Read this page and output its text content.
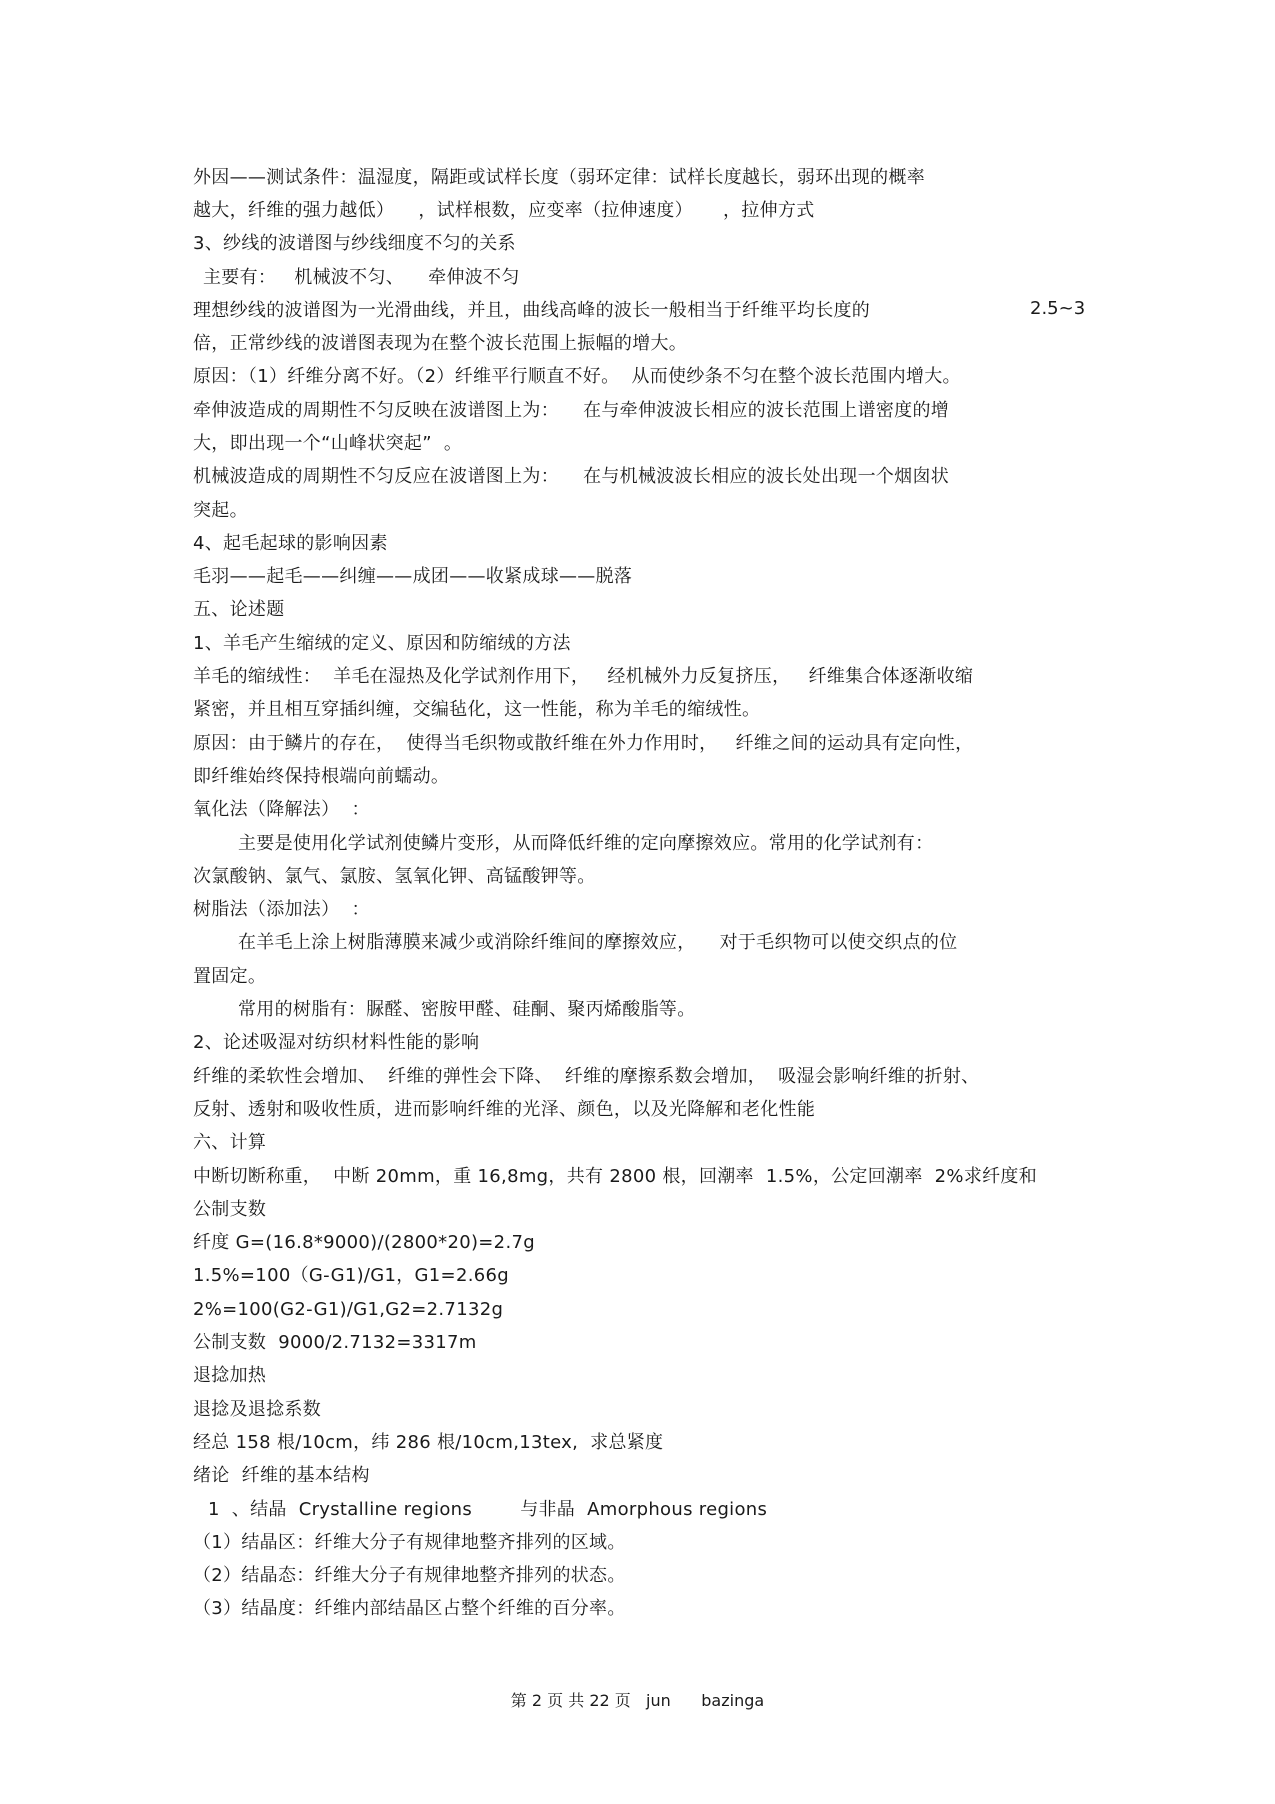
外因——测试条件：温湿度，隔距或试样长度（弱环定律：试样长度越长，弱环出现的概率
越大，纤维的强力越低）    ，试样根数，应变率（拉伸速度）     ，拉伸方式
3、纱线的波谱图与纱线细度不匀的关系
主要有：   机械波不匀、    牵伸波不匀
理想纱线的波谱图为一光滑曲线，并且，曲线高峰的波长一般相当于纤维平均长度的	2.5~3
倍，正常纱线的波谱图表现为在整个波长范围上振幅的增大。
原因：（1）纤维分离不好。（2）纤维平行顺直不好。  从而使纱条不匀在整个波长范围内增大。
牵伸波造成的周期性不匀反映在波谱图上为：    在与牵伸波波长相应的波长范围上谱密度的增
大，即出现一个“山峰状突起”  。
机械波造成的周期性不匀反应在波谱图上为：    在与机械波波长相应的波长处出现一个烟囱状
突起。
4、起毛起球的影响因素
毛羽——起毛——纠缠——成团——收紧成球——脱落
五、论述题
1、羊毛产生缩绒的定义、原因和防缩绒的方法
羊毛的缩绒性：  羊毛在湿热及化学试剂作用下，   经机械外力反复挤压，   纤维集合体逐渐收缩
紧密，并且相互穿插纠缠，交编毡化，这一性能，称为羊毛的缩绒性。
原因：由于鳞片的存在，  使得当毛织物或散纤维在外力作用时，   纤维之间的运动具有定向性，
即纤维始终保持根端向前蠕动。
氧化法（降解法）  ：
主要是使用化学试剂使鳞片变形，从而降低纤维的定向摩擦效应。常用的化学试剂有：
次氯酸钠、氯气、氯胺、氢氧化钾、高锰酸钾等。
树脂法（添加法）  ：
在羊毛上涂上树脂薄膜来减少或消除纤维间的摩擦效应，    对于毛织物可以使交织点的位
置固定。
常用的树脂有：脲醛、密胺甲醛、硅酮、聚丙烯酸脂等。
2、论述吸湿对纺织材料性能的影响
纤维的柔软性会增加、  纤维的弹性会下降、  纤维的摩擦系数会增加，  吸湿会影响纤维的折射、
反射、透射和吸收性质，进而影响纤维的光泽、颜色，以及光降解和老化性能
六、计算
中断切断称重，  中断 20mm，重 16,8mg，共有 2800 根，回潮率  1.5%，公定回潮率  2%求纤度和
公制支数
纤度 G=(16.8*9000)/(2800*20)=2.7g
1.5%=100（G-G1)/G1，G1=2.66g
2%=100(G2-G1)/G1,G2=2.7132g
公制支数  9000/2.7132=3317m
退捻加热
退捻及退捻系数
经总 158 根/10cm，纬 286 根/10cm,13tex,  求总紧度
绪论  纤维的基本结构
1  、结晶  Crystalline regions        与非晶  Amorphous regions
（1）结晶区：纤维大分子有规律地整齐排列的区域。
（2）结晶态：纤维大分子有规律地整齐排列的状态。
（3）结晶度：纤维内部结晶区占整个纤维的百分率。
第 2 页 共 22 页   jun      bazinga
